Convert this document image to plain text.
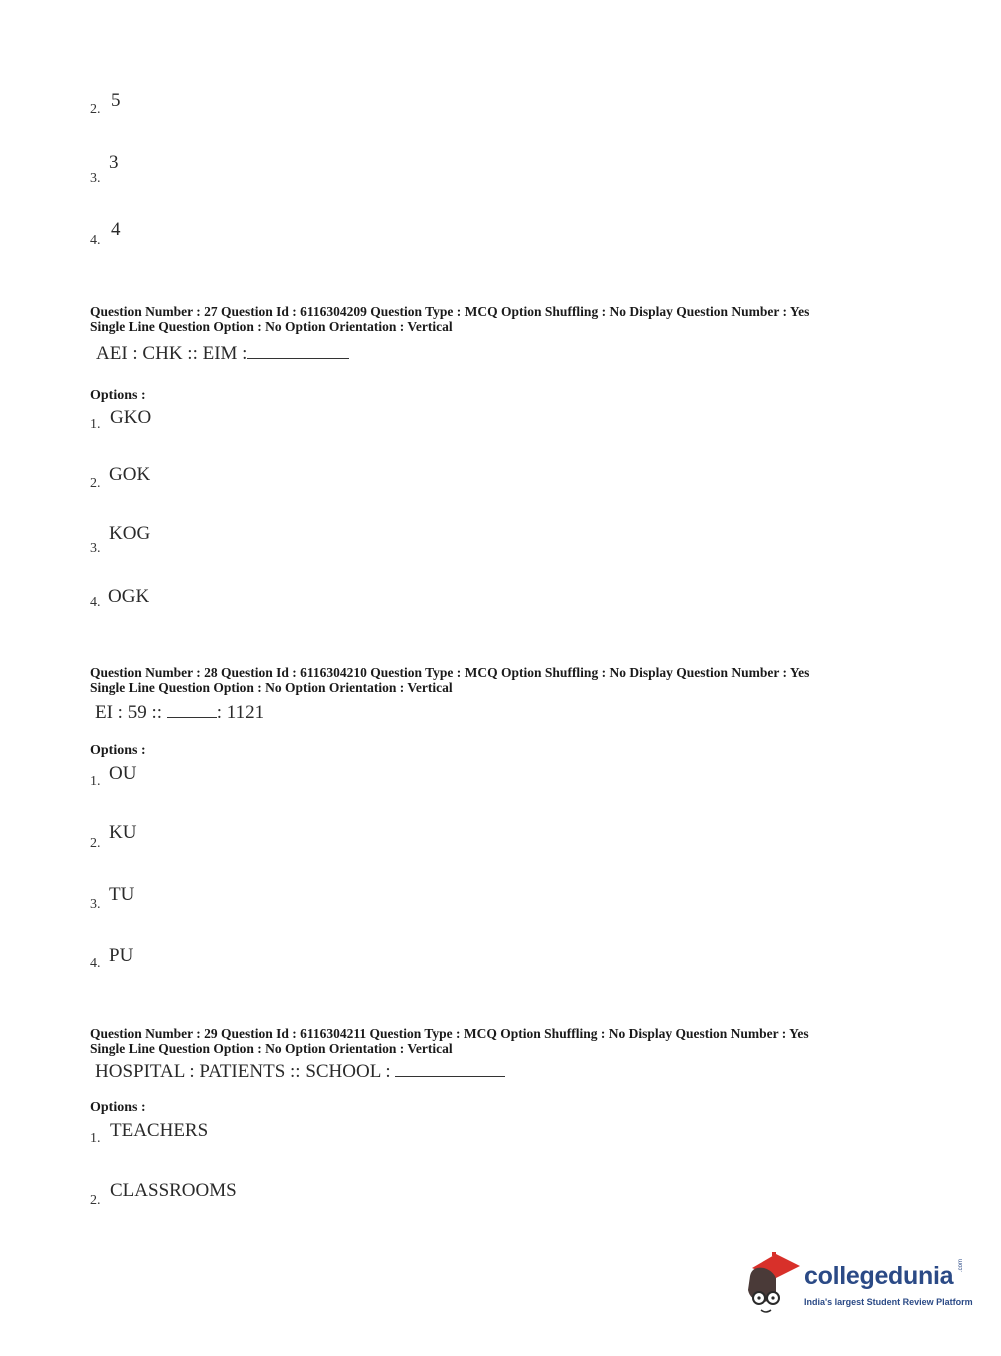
2. 5
3.
3
4.
4
Question Number : 27 Question Id : 6116304209 Question Type : MCQ Option Shuffling : No Display Question Number : Yes
Single Line Question Option : No Option Orientation : Vertical
AEI : CHK :: EIM :
Options :
1. GKO
2. GOK
3.
KOG
4. OGK
Question Number : 28 Question Id : 6116304210 Question Type : MCQ Option Shuffling : No Display Question Number : Yes
Single Line Question Option : No Option Orientation : Vertical
EI : 59 ::	: 1121
Options :
1. OU
2.
KU
3. TU
4. PU
Question Number : 29 Question Id : 6116304211 Question Type : MCQ Option Shuffling : No Display Question Number : Yes
Single Line Question Option : No Option Orientation : Vertical
HOSPITAL : PATIENTS :: SCHOOL :
Options :
1. TEACHERS
2. CLASSROOMS
collegedunia .com
India's largest Student Review Platform
